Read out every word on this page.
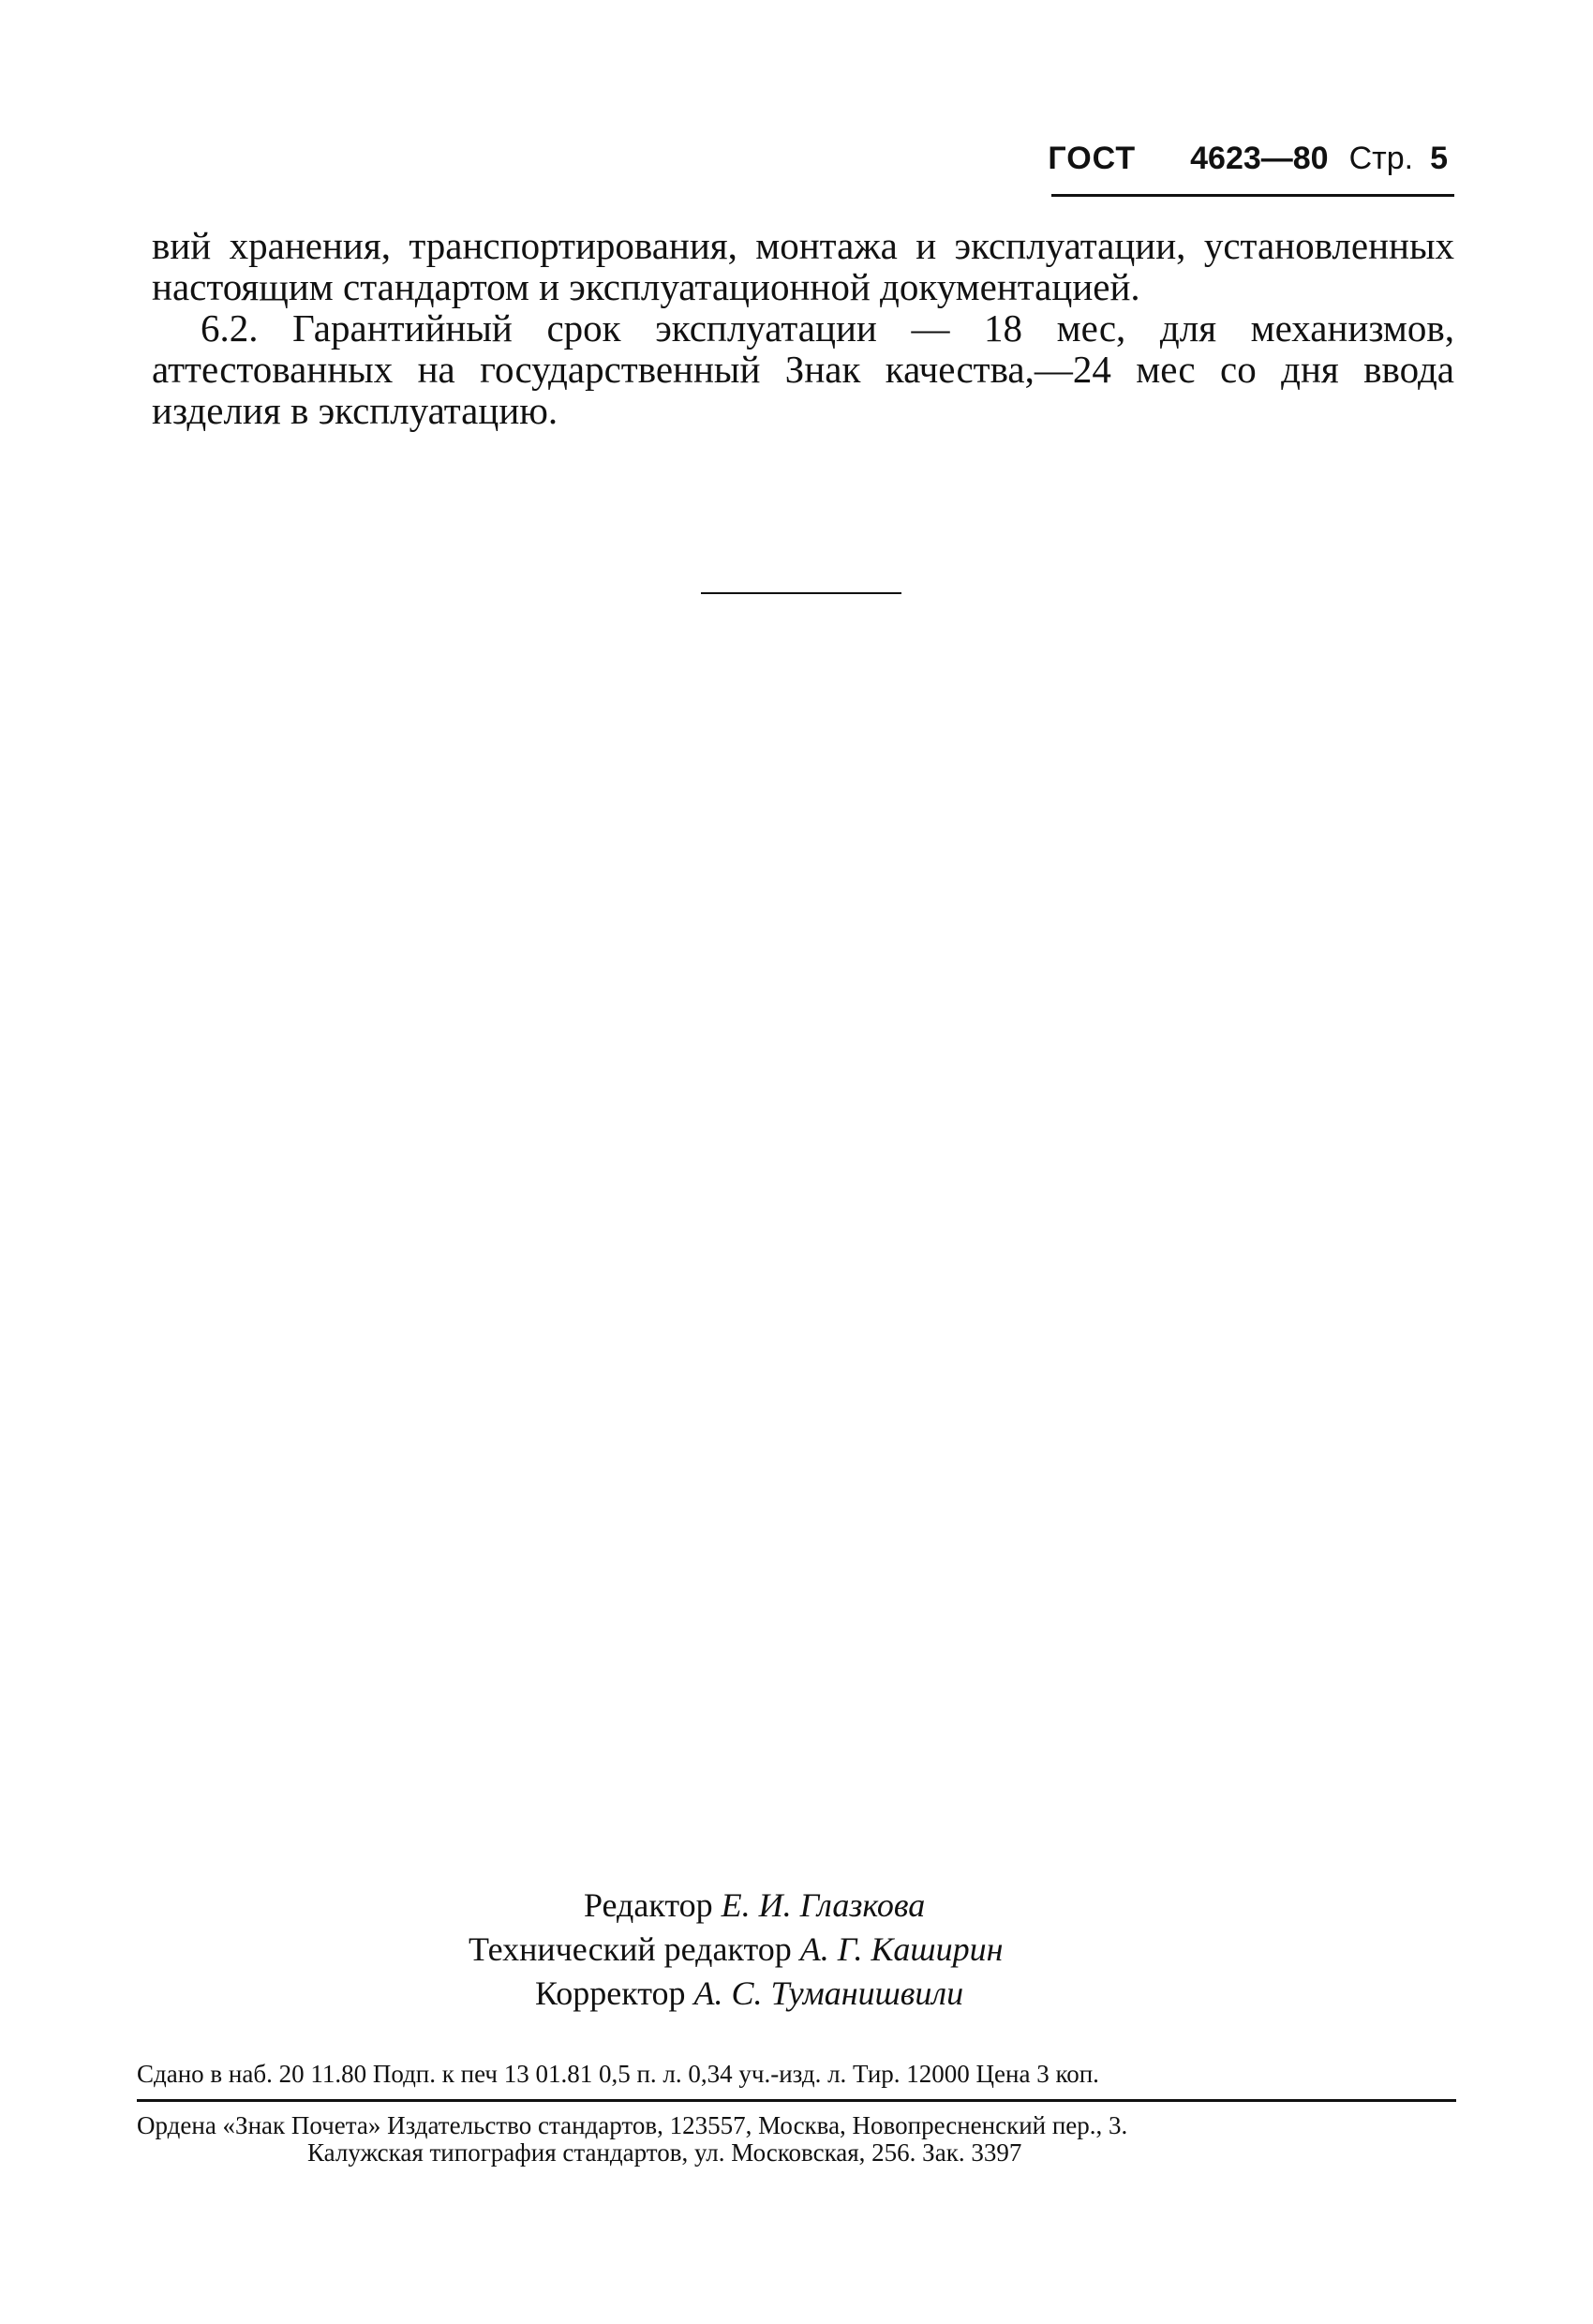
ГОСТ 4623—80 Стр. 5

вий хранения, транспортирования, монтажа и эксплуатации, установленных настоящим стандартом и эксплуатационной документацией.

6.2. Гарантийный срок эксплуатации — 18 мес, для механизмов, аттестованных на государственный Знак качества,—24 мес со дня ввода изделия в эксплуатацию.

Редактор Е. И. Глазкова
Технический редактор А. Г. Каширин
Корректор А. С. Туманишвили
Сдано в наб. 20 11.80 Подп. к печ 13 01.81 0,5 п. л. 0,34 уч.-изд. л. Тир. 12000 Цена 3 коп.
Ордена «Знак Почета» Издательство стандартов, 123557, Москва, Новопресненский пер., 3.
Калужская типография стандартов, ул. Московская, 256. Зак. 3397
